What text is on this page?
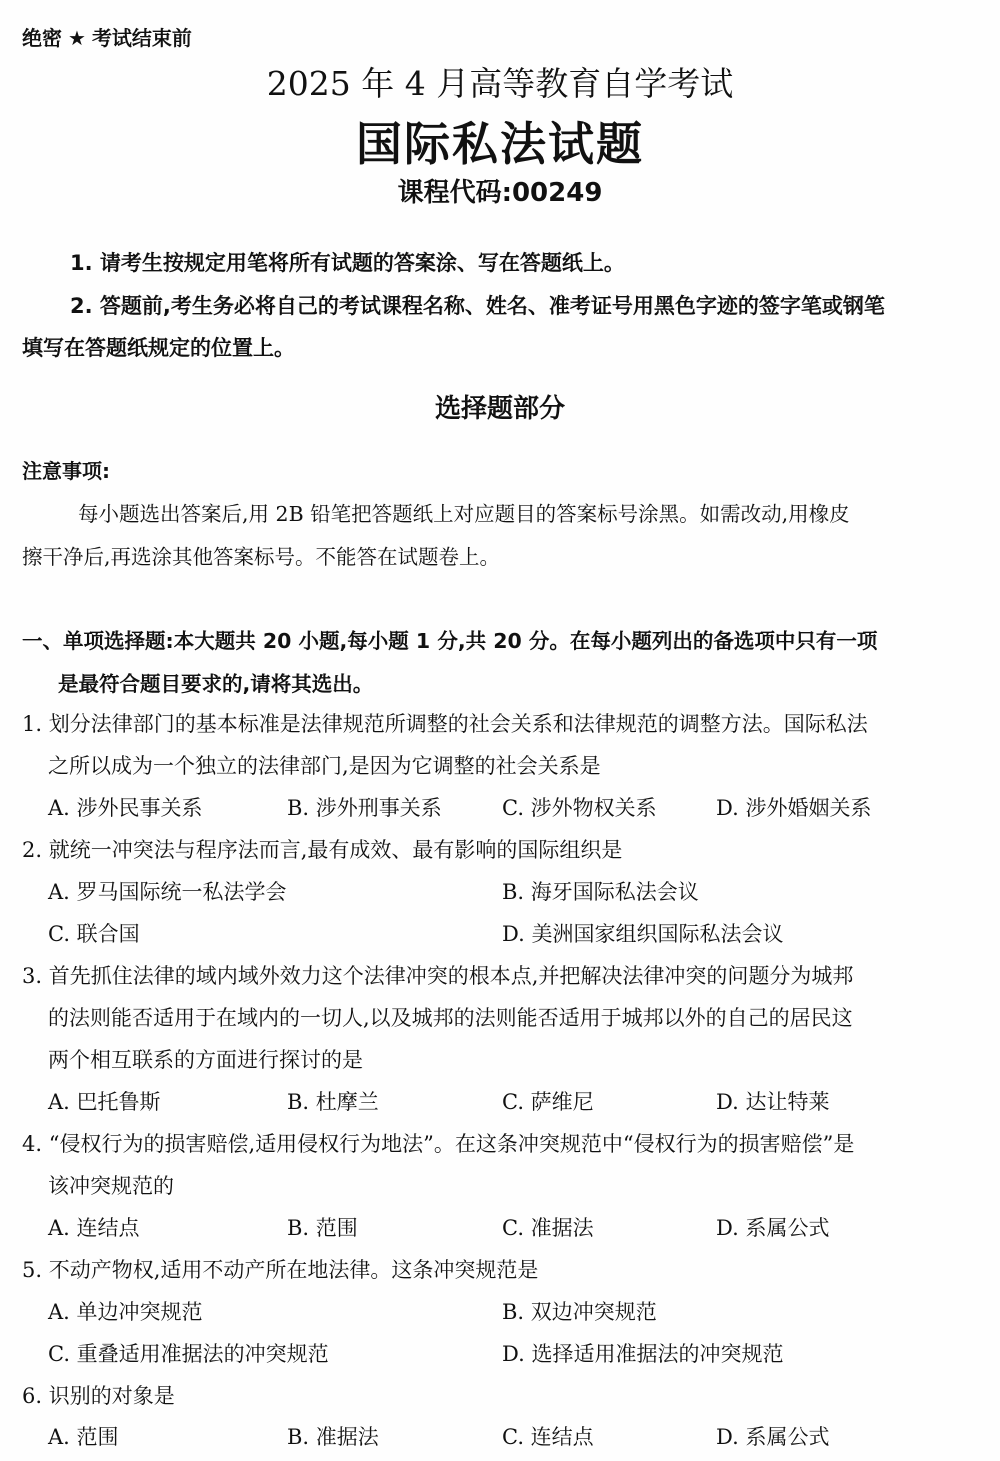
绝密 ★ 考试结束前
2025 年 4 月高等教育自学考试
国际私法试题
课程代码:00249
1. 请考生按规定用笔将所有试题的答案涂、写在答题纸上。
2. 答题前,考生务必将自己的考试课程名称、姓名、准考证号用黑色字迹的签字笔或钢笔
填写在答题纸规定的位置上。
选择题部分
注意事项:
每小题选出答案后,用 2B 铅笔把答题纸上对应题目的答案标号涂黑。如需改动,用橡皮
擦干净后,再选涂其他答案标号。不能答在试题卷上。
一、单项选择题:本大题共 20 小题,每小题 1 分,共 20 分。在每小题列出的备选项中只有一项
是最符合题目要求的,请将其选出。
1. 划分法律部门的基本标准是法律规范所调整的社会关系和法律规范的调整方法。国际私法
之所以成为一个独立的法律部门,是因为它调整的社会关系是
A. 涉外民事关系	B. 涉外刑事关系	C. 涉外物权关系	D. 涉外婚姻关系
2. 就统一冲突法与程序法而言,最有成效、最有影响的国际组织是
A. 罗马国际统一私法学会	B. 海牙国际私法会议
C. 联合国	D. 美洲国家组织国际私法会议
3. 首先抓住法律的域内域外效力这个法律冲突的根本点,并把解决法律冲突的问题分为城邦
的法则能否适用于在域内的一切人,以及城邦的法则能否适用于城邦以外的自己的居民这
两个相互联系的方面进行探讨的是
A. 巴托鲁斯	B. 杜摩兰	C. 萨维尼	D. 达让特莱
4. “侵权行为的损害赔偿,适用侵权行为地法”。在这条冲突规范中“侵权行为的损害赔偿”是
该冲突规范的
A. 连结点	B. 范围	C. 准据法	D. 系属公式
5. 不动产物权,适用不动产所在地法律。这条冲突规范是
A. 单边冲突规范	B. 双边冲突规范
C. 重叠适用准据法的冲突规范	D. 选择适用准据法的冲突规范
6. 识别的对象是
A. 范围	B. 准据法	C. 连结点	D. 系属公式
